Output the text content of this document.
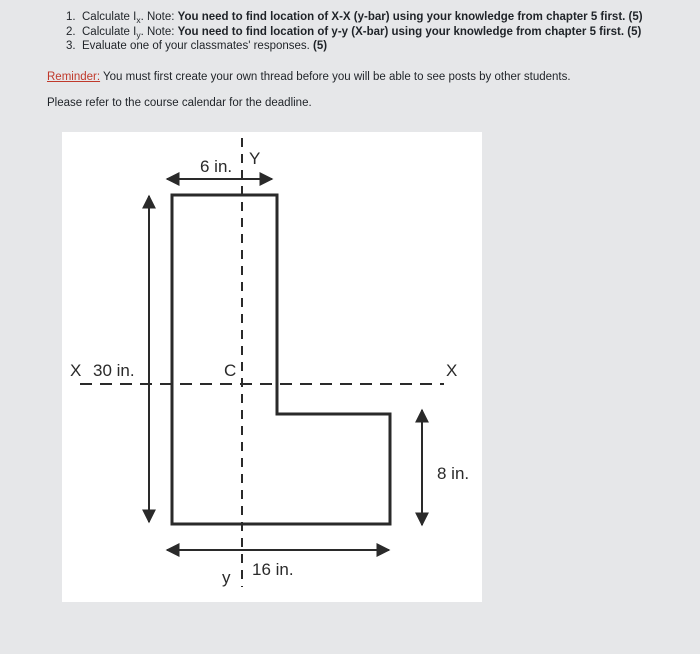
1. Calculate $I_x$. Note: You need to find location of X-X (y-bar) using your knowledge from chapter 5 first. (5)
2. Calculate $I_y$. Note: You need to find location of y-y (X-bar) using your knowledge from chapter 5 first. (5)
3. Evaluate one of your classmates' responses. (5)
Reminder: You must first create your own thread before you will be able to see posts by other students.
Please refer to the course calendar for the deadline.
6 in. Y
X 30 in.	C	X
8 in.
16 in.
y
